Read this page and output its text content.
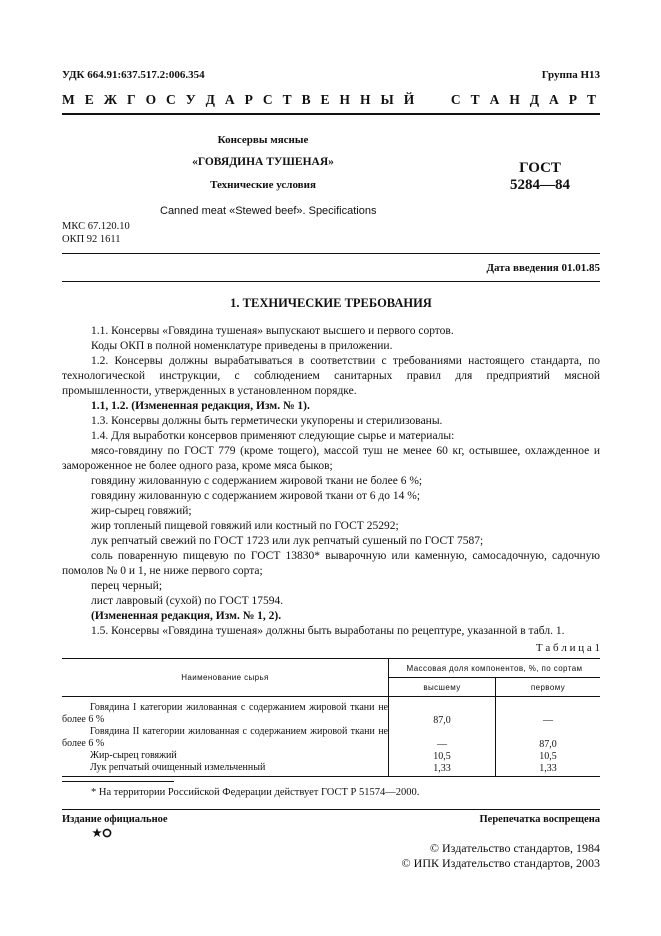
УДК 664.91:637.517.2:006.354	Группа Н13
М Е Ж Г О С У Д А Р С Т В Е Н Н Ы Й     С Т А Н Д А Р Т
Консервы мясные
«ГОВЯДИНА ТУШЕНАЯ»
Технические условия
Canned meat «Stewed beef». Specifications
ГОСТ
5284—84
МКС 67.120.10
ОКП 92 1611
Дата введения 01.01.85
1. ТЕХНИЧЕСКИЕ ТРЕБОВАНИЯ

1.1. Консервы «Говядина тушеная» выпускают высшего и первого сортов.

Коды ОКП в полной номенклатуре приведены в приложении.

1.2. Консервы должны вырабатываться в соответствии с требованиями настоящего стандарта, по технологической инструкции, с соблюдением санитарных правил для предприятий мясной промышленности, утвержденных в установленном порядке.

1.1, 1.2. (Измененная редакция, Изм. № 1).

1.3. Консервы должны быть герметически укупорены и стерилизованы.

1.4. Для выработки консервов применяют следующие сырье и материалы:

мясо-говядину по ГОСТ 779 (кроме тощего), массой туш не менее 60 кг, остывшее, охлажденное и замороженное не более одного раза, кроме мяса быков;

говядину жилованную с содержанием жировой ткани не более 6 %;

говядину жилованную с содержанием жировой ткани от 6 до 14 %;

жир-сырец говяжий;

жир топленый пищевой говяжий или костный по ГОСТ 25292;

лук репчатый свежий по ГОСТ 1723 или лук репчатый сушеный по ГОСТ 7587;

соль поваренную пищевую по ГОСТ 13830* выварочную или каменную, самосадочную, садочную помолов № 0 и 1, не ниже первого сорта;

перец черный;

лист лавровый (сухой) по ГОСТ 17594.

(Измененная редакция, Изм. № 1, 2).

1.5. Консервы «Говядина тушеная» должны быть выработаны по рецептуре, указанной в табл. 1.

Т а б л и ц а 1
Наименование сырья	Массовая доля компонентов, %, по сортам	

	высшему	первому

Говядина I категории жилованная с содержанием жировой ткани не более 6 %	87,0	—
Говядина II категории жилованная с содержанием жировой ткани не более 6 %	—	87,0
Жир-сырец говяжий	10,5	10,5
Лук репчатый очищенный измельченный	1,33	1,33
* На территории Российской Федерации действует ГОСТ Р 51574—2000.
Издание официальное	Перепечатка воспрещена
© Издательство стандартов, 1984
© ИПК Издательство стандартов, 2003
